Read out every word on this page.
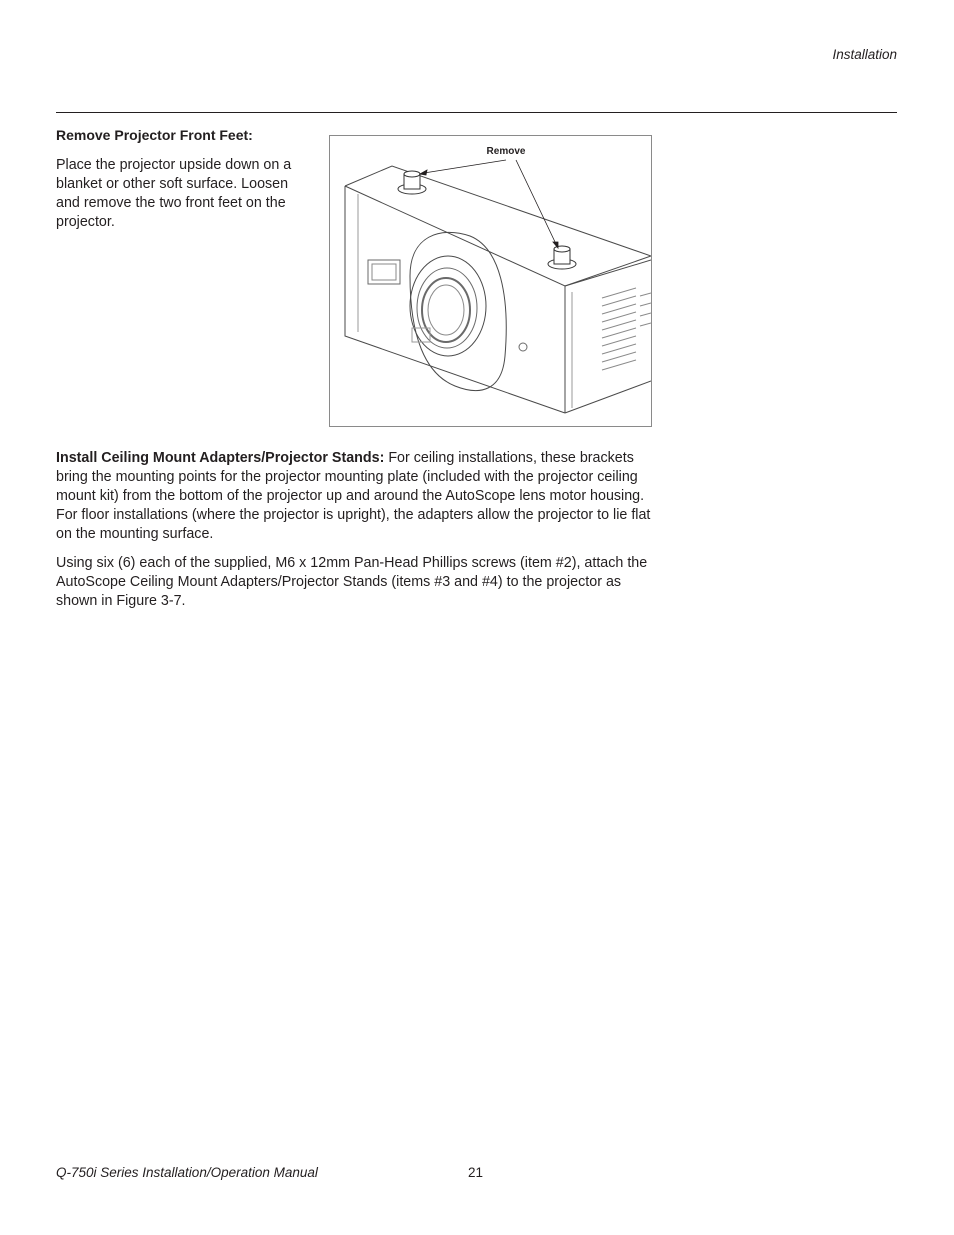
Installation
Remove Projector Front Feet:

Place the projector upside down on a blanket or other soft surface. Loosen and remove the two front feet on the projector.

Remove

Install Ceiling Mount Adapters/Projector Stands: For ceiling installations, these brackets bring the mounting points for the projector mounting plate (included with the projector ceiling mount kit) from the bottom of the projector up and around the AutoScope lens motor housing. For floor installations (where the projector is upright), the adapters allow the projector to lie flat on the mounting surface.

Using six (6) each of the supplied, M6 x 12mm Pan-Head Phillips screws (item #2), attach the AutoScope Ceiling Mount Adapters/Projector Stands (items #3 and #4) to the projector as shown in Figure 3-7.

Q-750i Series Installation/Operation Manual	21
